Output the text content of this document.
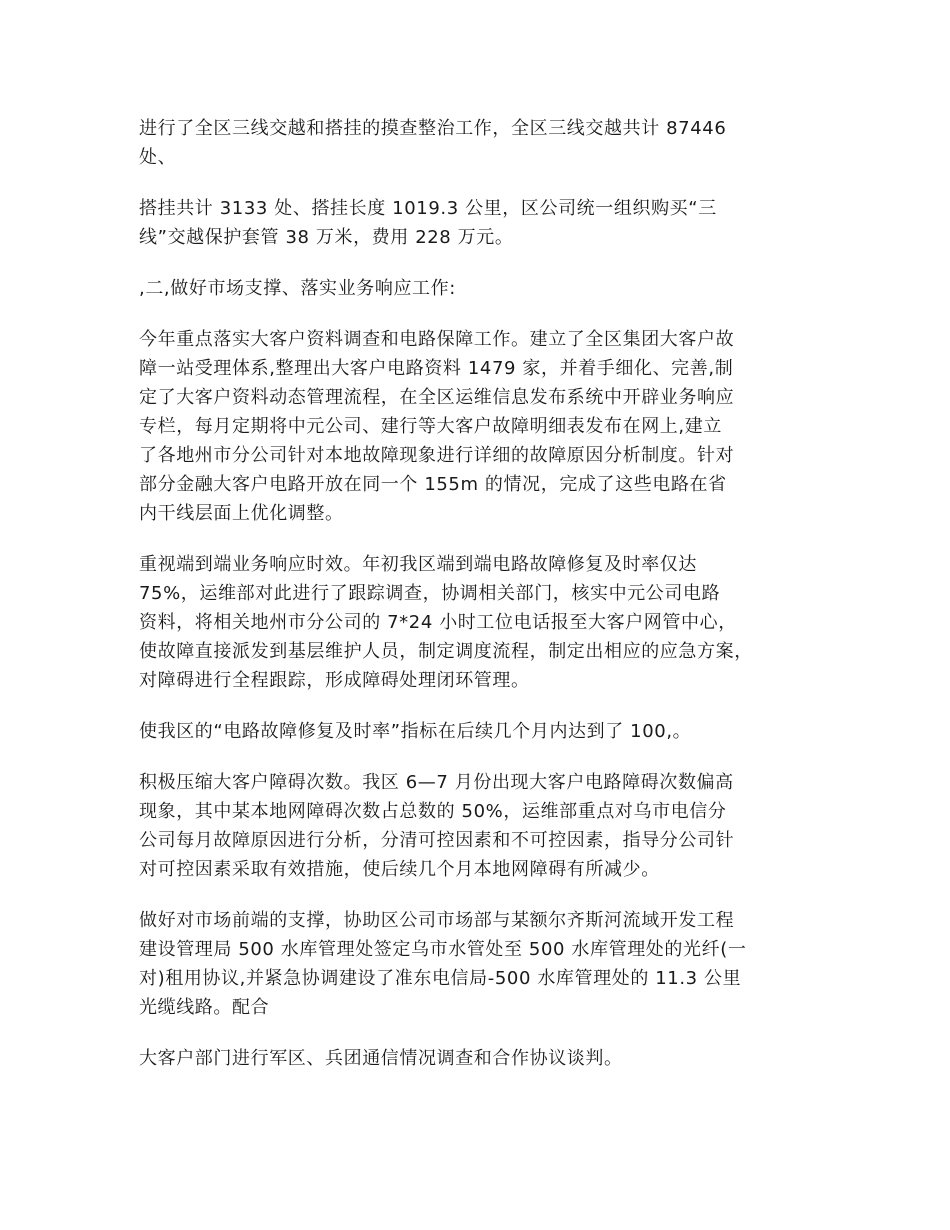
进行了全区三线交越和搭挂的摸查整治工作，全区三线交越共计 87446
处、

搭挂共计 3133 处、搭挂长度 1019.3 公里，区公司统一组织购买“三
线”交越保护套管 38 万米，费用 228 万元。

,二,做好市场支撑、落实业务响应工作:

今年重点落实大客户资料调查和电路保障工作。建立了全区集团大客户故
障一站受理体系,整理出大客户电路资料 1479 家，并着手细化、完善,制
定了大客户资料动态管理流程，在全区运维信息发布系统中开辟业务响应
专栏，每月定期将中元公司、建行等大客户故障明细表发布在网上,建立
了各地州市分公司针对本地故障现象进行详细的故障原因分析制度。针对
部分金融大客户电路开放在同一个 155m 的情况，完成了这些电路在省
内干线层面上优化调整。

重视端到端业务响应时效。年初我区端到端电路故障修复及时率仅达
75%，运维部对此进行了跟踪调查，协调相关部门，核实中元公司电路
资料，将相关地州市分公司的 7*24 小时工位电话报至大客户网管中心，
使故障直接派发到基层维护人员，制定调度流程，制定出相应的应急方案，
对障碍进行全程跟踪，形成障碍处理闭环管理。

使我区的“电路故障修复及时率”指标在后续几个月内达到了 100,。

积极压缩大客户障碍次数。我区 6—7 月份出现大客户电路障碍次数偏高
现象，其中某本地网障碍次数占总数的 50%，运维部重点对乌市电信分
公司每月故障原因进行分析，分清可控因素和不可控因素，指导分公司针
对可控因素采取有效措施，使后续几个月本地网障碍有所减少。

做好对市场前端的支撑，协助区公司市场部与某额尔齐斯河流域开发工程
建设管理局 500 水库管理处签定乌市水管处至 500 水库管理处的光纤(一
对)租用协议,并紧急协调建设了准东电信局-500 水库管理处的 11.3 公里
光缆线路。配合

大客户部门进行军区、兵团通信情况调查和合作协议谈判。
